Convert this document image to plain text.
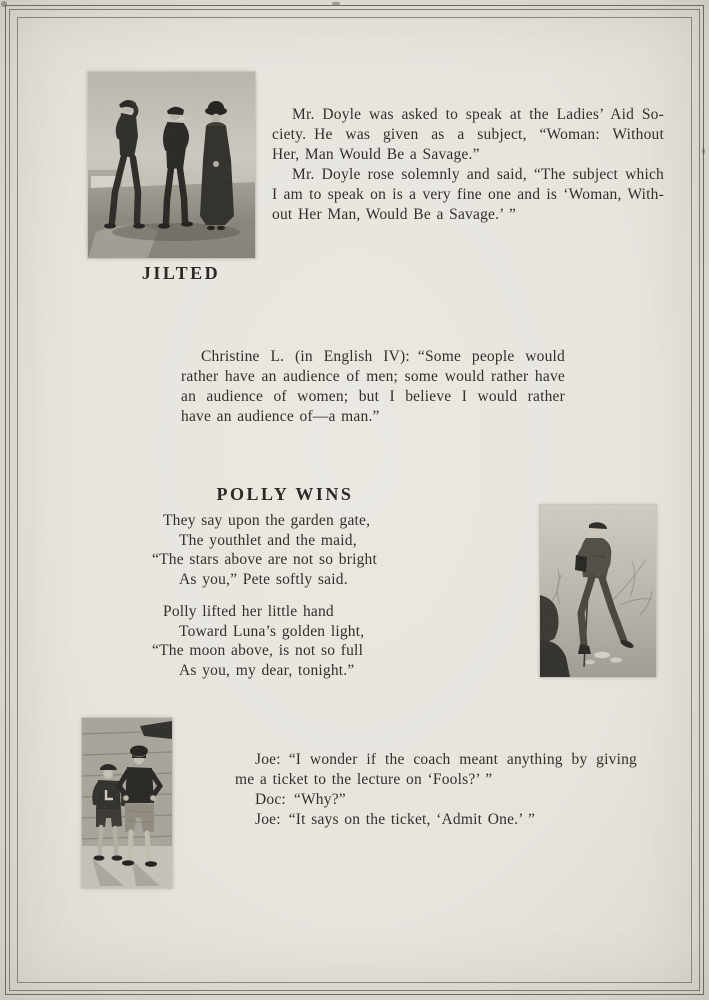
JILTED
Mr. Doyle was asked to speak at the Ladies’ Aid So-
ciety. He was given as a subject, “Woman: Without
Her, Man Would Be a Savage.”
Mr. Doyle rose solemnly and said, “The subject which
I am to speak on is a very fine one and is ‘Woman, With-
out Her Man, Would Be a Savage.’ ”
Christine L. (in English IV): “Some people would
rather have an audience of men; some would rather have
an audience of women; but I believe I would rather
have an audience of—a man.”
POLLY WINS
They say upon the garden gate,
The youthlet and the maid,
“The stars above are not so bright
As you,” Pete softly said.
Polly lifted her little hand
Toward Luna’s golden light,
“The moon above, is not so full
As you, my dear, tonight.”
Joe: “I wonder if the coach meant anything by giving
me a ticket to the lecture on ‘Fools?’ ”
Doc: “Why?”
Joe: “It says on the ticket, ‘Admit One.’ ”
